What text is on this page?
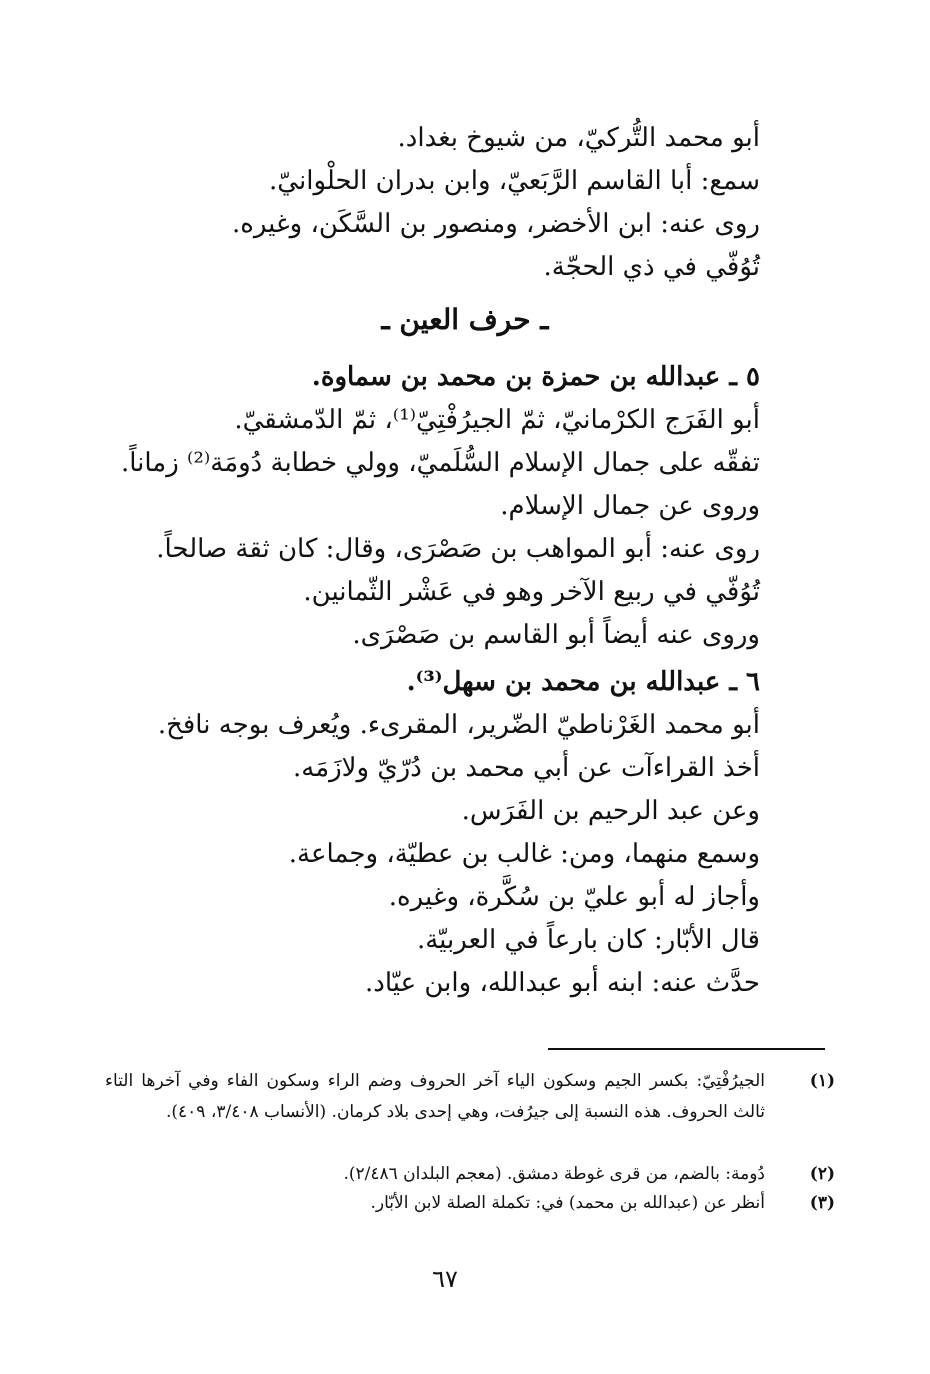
أبو محمد التُّركيّ، من شيوخ بغداد.
سمع: أبا القاسم الرَّبَعيّ، وابن بدران الحلْوانيّ.
روى عنه: ابن الأخضر، ومنصور بن السَّكَن، وغيره.
تُوُفّي في ذي الحجّة.
ـ حرف العين ـ
٥ ـ عبدالله بن حمزة بن محمد بن سماوة.
أبو الفَرَج الكرْمانيّ، ثمّ الجيرُفْتِيّ⁽¹⁾، ثمّ الدّمشقيّ.
تفقّه على جمال الإسلام السُّلَميّ، وولي خطابة دُومَة⁽²⁾ زماناً.
وروى عن جمال الإسلام.
روى عنه: أبو المواهب بن صَصْرَى، وقال: كان ثقة صالحاً.
تُوُفّي في ربيع الآخر وهو في عَشْر الثّمانين.
وروى عنه أيضاً أبو القاسم بن صَصْرَى.
٦ ـ عبدالله بن محمد بن سهل⁽³⁾.
أبو محمد الغَرْناطيّ الضّرير، المقرىء. ويُعرف بوجه نافخ.
أخذ القراءآت عن أبي محمد بن دُرّيّ ولازَمَه.
وعن عبد الرحيم بن الفَرَس.
وسمع منهما، ومن: غالب بن عطيّة، وجماعة.
وأجاز له أبو عليّ بن سُكَّرة، وغيره.
قال الأبّار: كان بارعاً في العربيّة.
حدَّث عنه: ابنه أبو عبدالله، وابن عيّاد.
(١)
الجيرُفْتِيّ: بكسر الجيم وسكون الياء آخر الحروف وضم الراء وسكون الفاء وفي آخرها التاء ثالث الحروف. هذه النسبة إلى جيرُفت، وهي إحدى بلاد كرمان. (الأنساب ٣/٤٠٨، ٤٠٩).
(٢)
دُومة: بالضم، من قرى غوطة دمشق. (معجم البلدان ٢/٤٨٦).
(٣)
أنظر عن (عبدالله بن محمد) في: تكملة الصلة لابن الأبّار.
٦٧
